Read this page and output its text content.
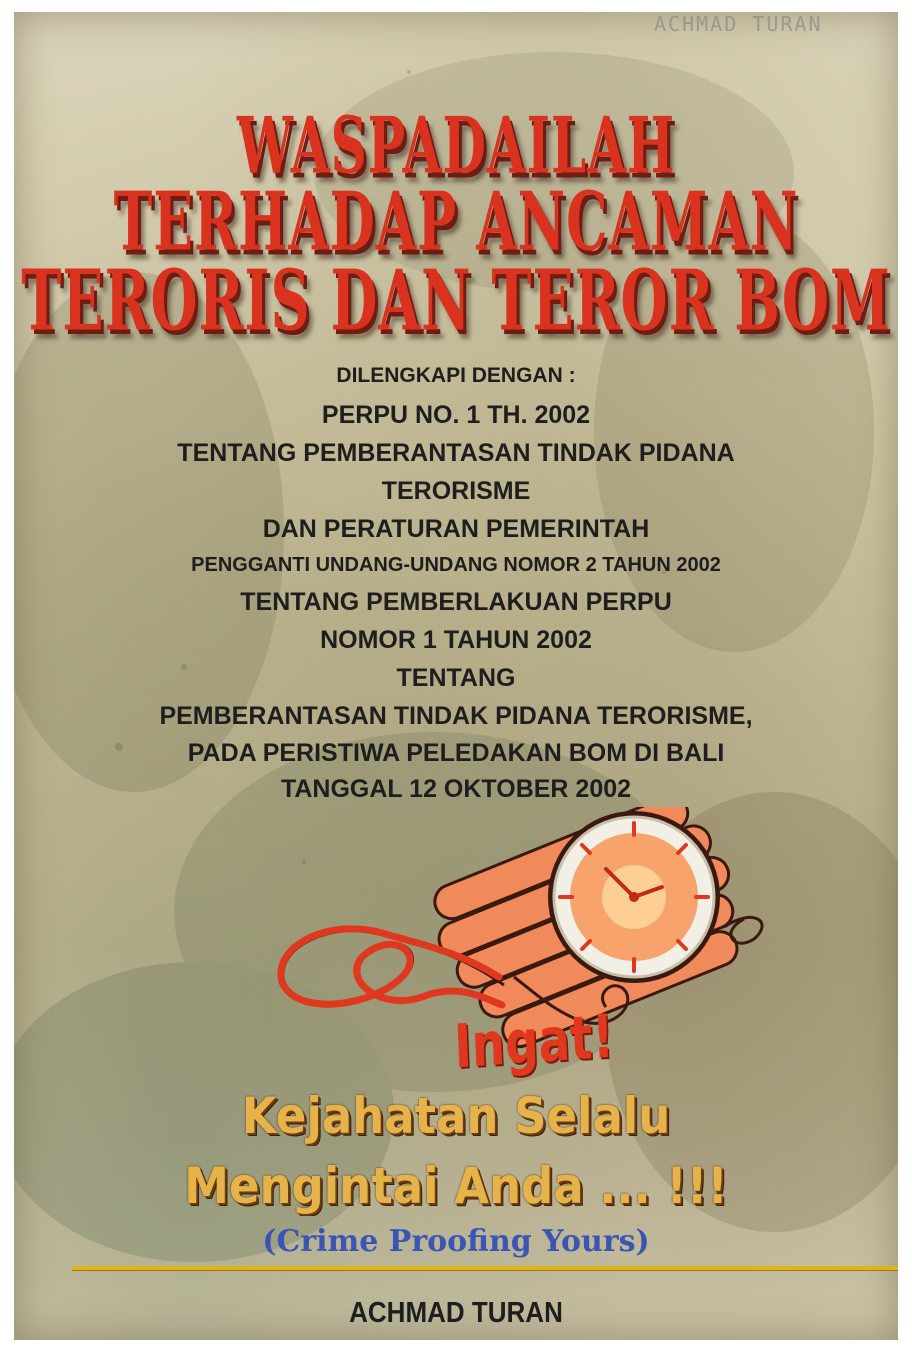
ACHMAD TURAN
WASPADAILAH
TERHADAP ANCAMAN
TERORIS DAN TEROR BOM
DILENGKAPI DENGAN :
PERPU NO. 1 TH. 2002
TENTANG PEMBERANTASAN TINDAK PIDANA
TERORISME
DAN PERATURAN PEMERINTAH
PENGGANTI UNDANG-UNDANG NOMOR 2 TAHUN 2002
TENTANG PEMBERLAKUAN PERPU
NOMOR 1 TAHUN 2002
TENTANG
PEMBERANTASAN TINDAK PIDANA TERORISME,
PADA PERISTIWA PELEDAKAN BOM DI BALI
TANGGAL 12 OKTOBER 2002
Ingat!
Kejahatan Selalu
Mengintai Anda ... !!!
(Crime Proofing Yours)
ACHMAD TURAN
